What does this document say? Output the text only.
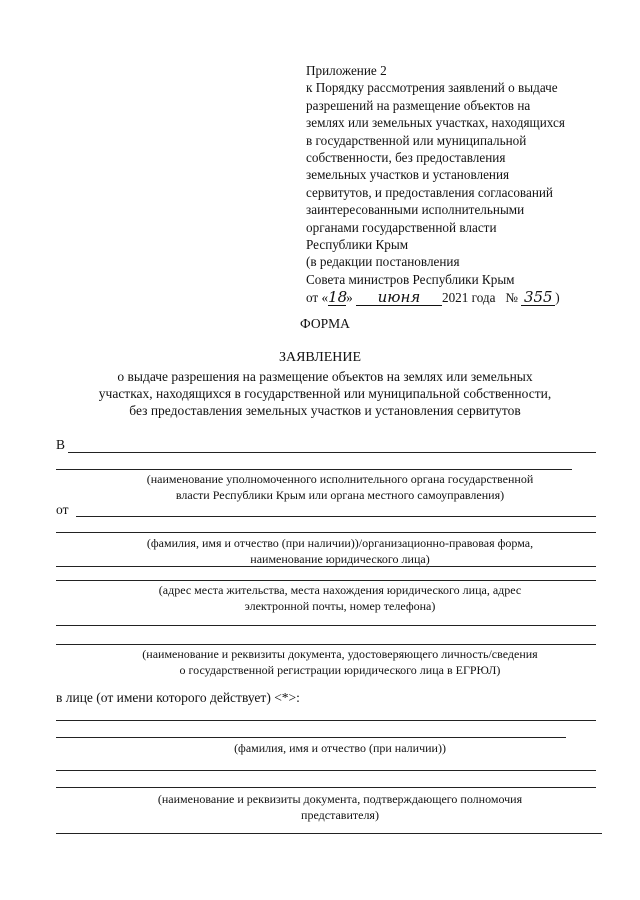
Приложение 2
к Порядку рассмотрения заявлений о выдаче
разрешений на размещение объектов на
землях или земельных участках, находящихся
в государственной или муниципальной
собственности, без предоставления
земельных участков и установления
сервитутов, и предоставления согласований
заинтересованными исполнительными
органами государственной власти
Республики Крым
(в редакции постановления
Совета министров Республики Крым
от «18» июня 2021 года № 355 )
ФОРМА
ЗАЯВЛЕНИЕ
о выдаче разрешения на размещение объектов на землях или земельных
участках, находящихся в государственной или муниципальной собственности,
без предоставления земельных участков и установления сервитутов
В
(наименование уполномоченного исполнительного органа государственной
власти Республики Крым или органа местного самоуправления)
от
(фамилия, имя и отчество (при наличии))/организационно-правовая форма,
наименование юридического лица)
(адрес места жительства, места нахождения юридического лица, адрес
электронной почты, номер телефона)
(наименование и реквизиты документа, удостоверяющего личность/сведения
о государственной регистрации юридического лица в ЕГРЮЛ)
в лице (от имени которого действует) <*>:
(фамилия, имя и отчество (при наличии))
(наименование и реквизиты документа, подтверждающего полномочия
представителя)
